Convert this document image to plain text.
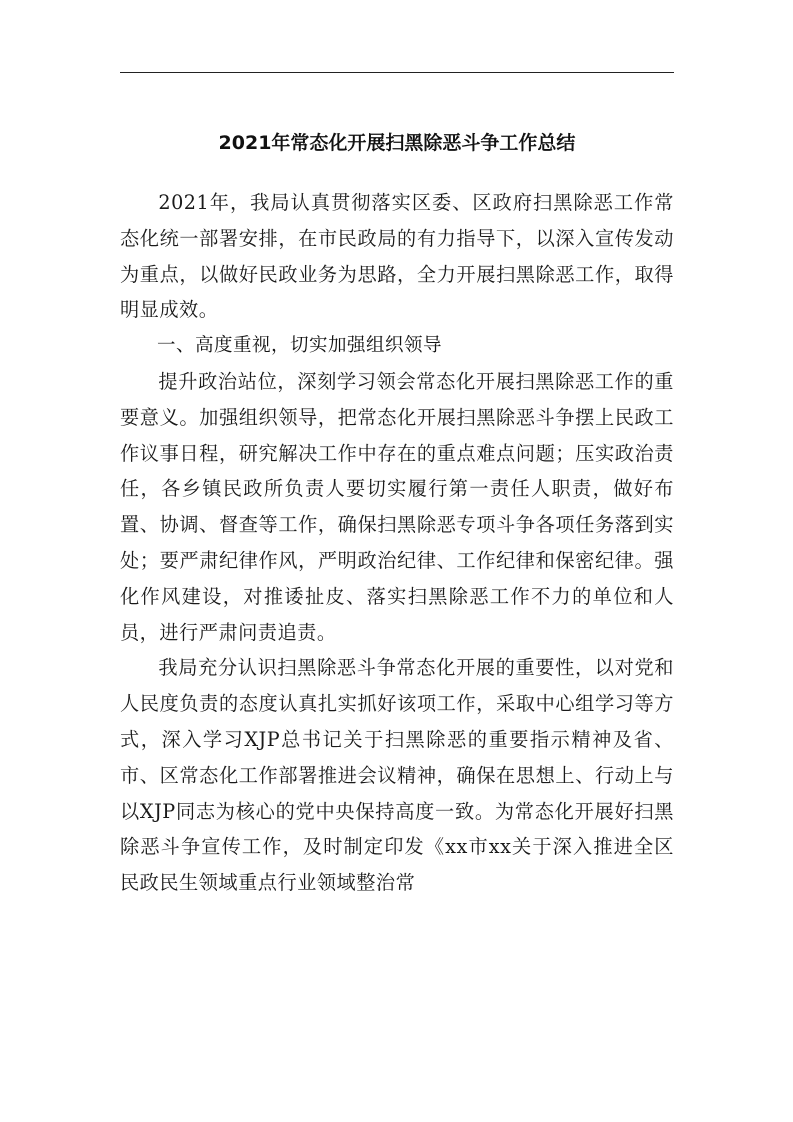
2021年常态化开展扫黑除恶斗争工作总结

2021年，我局认真贯彻落实区委、区政府扫黑除恶工作常态化统一部署安排，在市民政局的有力指导下，以深入宣传发动为重点，以做好民政业务为思路，全力开展扫黑除恶工作，取得明显成效。

一、高度重视，切实加强组织领导

提升政治站位，深刻学习领会常态化开展扫黑除恶工作的重要意义。加强组织领导，把常态化开展扫黑除恶斗争摆上民政工作议事日程，研究解决工作中存在的重点难点问题；压实政治责任，各乡镇民政所负责人要切实履行第一责任人职责，做好布置、协调、督查等工作，确保扫黑除恶专项斗争各项任务落到实处；要严肃纪律作风，严明政治纪律、工作纪律和保密纪律。强化作风建设，对推诿扯皮、落实扫黑除恶工作不力的单位和人员，进行严肃问责追责。

我局充分认识扫黑除恶斗争常态化开展的重要性，以对党和人民度负责的态度认真扎实抓好该项工作，采取中心组学习等方式，深入学习XJP总书记关于扫黑除恶的重要指示精神及省、市、区常态化工作部署推进会议精神，确保在思想上、行动上与以XJP同志为核心的党中央保持高度一致。为常态化开展好扫黑除恶斗争宣传工作，及时制定印发《xx市xx关于深入推进全区民政民生领域重点行业领域整治常
